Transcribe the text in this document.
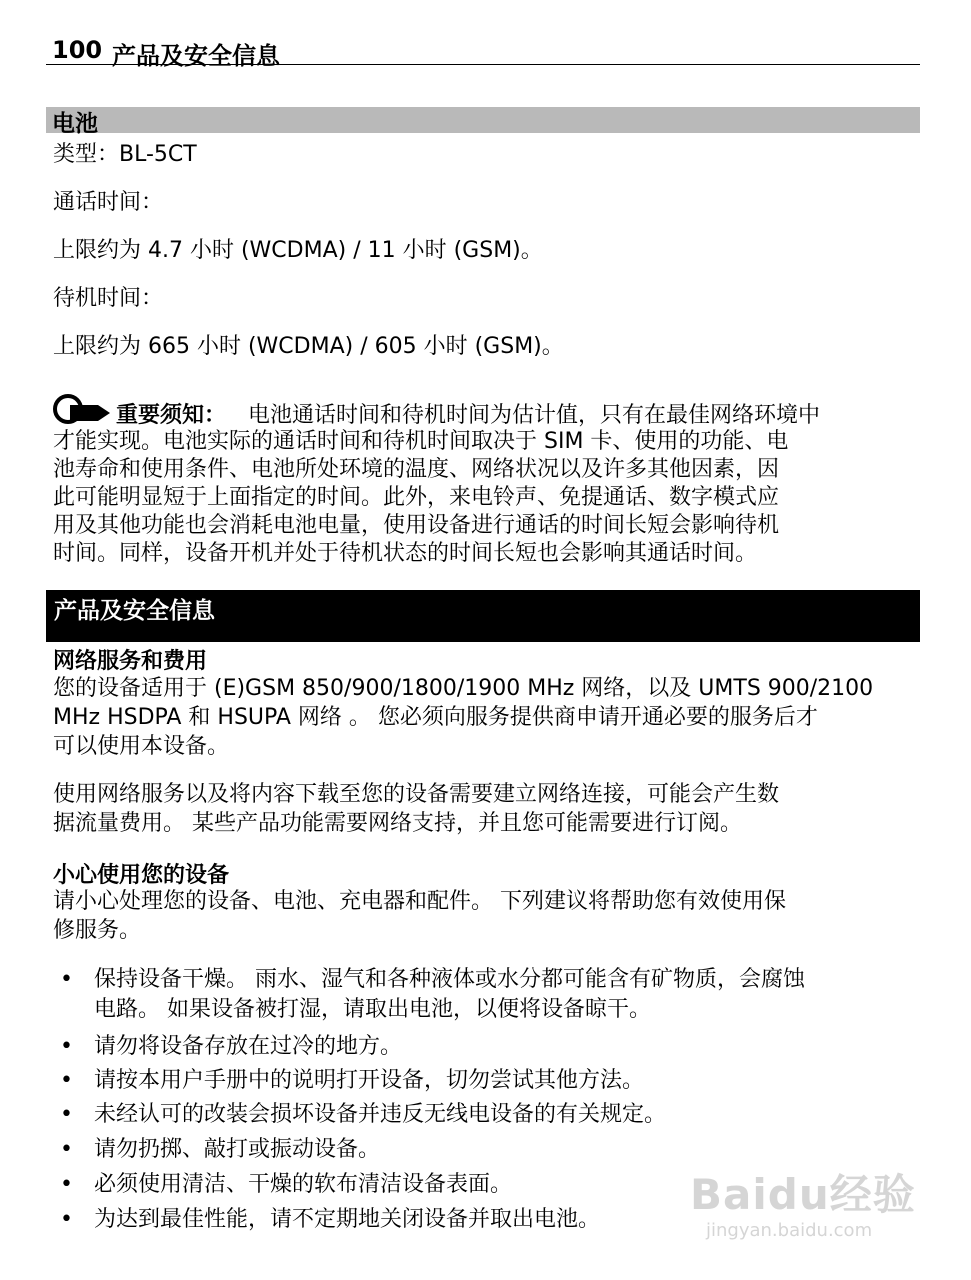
100 产品及安全信息
电池
类型：BL-5CT
通话时间：
上限约为 4.7 小时 (WCDMA) / 11 小时 (GSM)。
待机时间：
上限约为 665 小时 (WCDMA) / 605 小时 (GSM)。
重要须知： 电池通话时间和待机时间为估计值，只有在最佳网络环境中
才能实现。电池实际的通话时间和待机时间取决于 SIM 卡、使用的功能、电
池寿命和使用条件、电池所处环境的温度、网络状况以及许多其他因素，因
此可能明显短于上面指定的时间。此外，来电铃声、免提通话、数字模式应
用及其他功能也会消耗电池电量，使用设备进行通话的时间长短会影响待机
时间。同样，设备开机并处于待机状态的时间长短也会影响其通话时间。
产品及安全信息
网络服务和费用
您的设备适用于 (E)GSM 850/900/1800/1900 MHz 网络，以及 UMTS 900/2100
MHz HSDPA 和 HSUPA 网络 。 您必须向服务提供商申请开通必要的服务后才
可以使用本设备。
使用网络服务以及将内容下载至您的设备需要建立网络连接，可能会产生数
据流量费用。 某些产品功能需要网络支持，并且您可能需要进行订阅。
小心使用您的设备
请小心处理您的设备、电池、充电器和配件。 下列建议将帮助您有效使用保
修服务。
• 保持设备干燥。 雨水、湿气和各种液体或水分都可能含有矿物质，会腐蚀
电路。 如果设备被打湿，请取出电池，以便将设备晾干。
• 请勿将设备存放在过冷的地方。
• 请按本用户手册中的说明打开设备，切勿尝试其他方法。
• 未经认可的改装会损坏设备并违反无线电设备的有关规定。
• 请勿扔掷、敲打或振动设备。
• 必须使用清洁、干燥的软布清洁设备表面。
• 为达到最佳性能，请不定期地关闭设备并取出电池。
Baidu经验
jingyan.baidu.com
